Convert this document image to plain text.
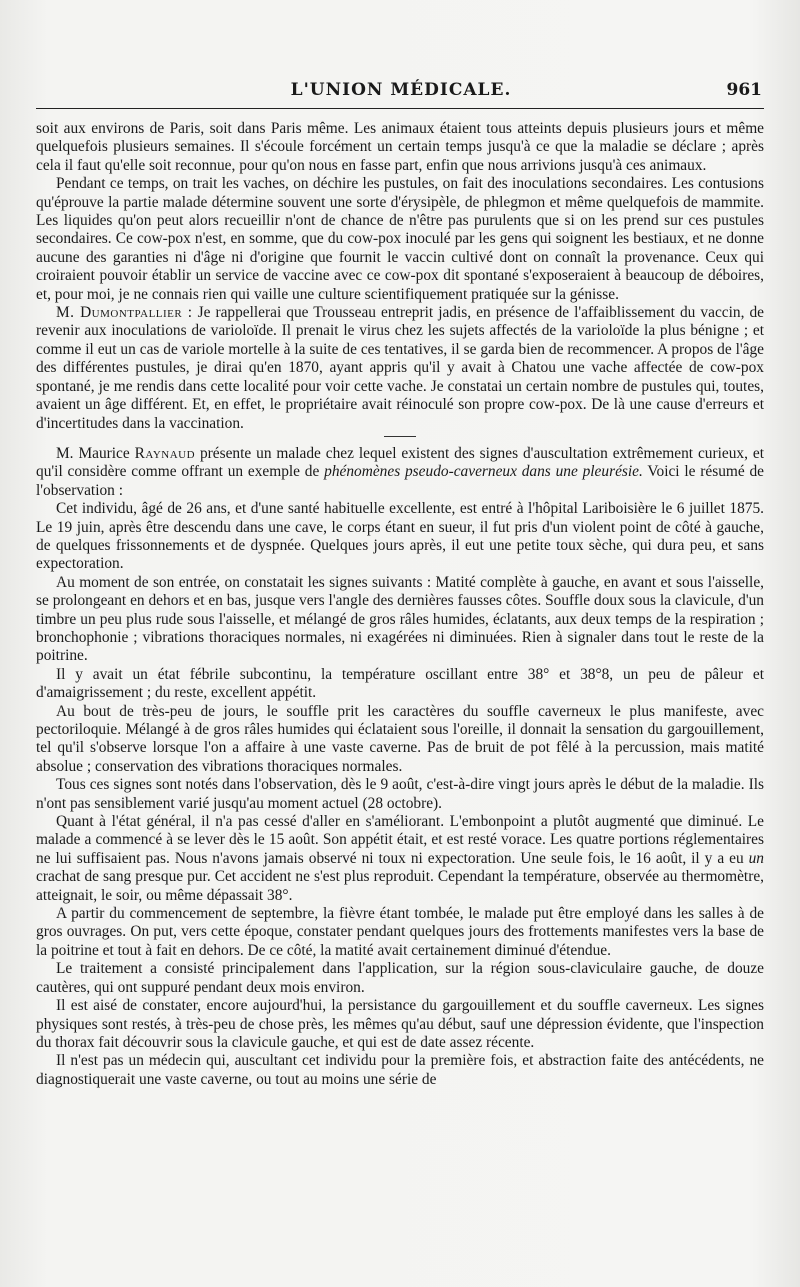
L'UNION MÉDICALE.	961

soit aux environs de Paris, soit dans Paris même. Les animaux étaient tous atteints depuis plusieurs jours et même quelquefois plusieurs semaines. Il s'écoule forcément un certain temps jusqu'à ce que la maladie se déclare ; après cela il faut qu'elle soit reconnue, pour qu'on nous en fasse part, enfin que nous arrivions jusqu'à ces animaux.

Pendant ce temps, on trait les vaches, on déchire les pustules, on fait des inoculations secondaires. Les contusions qu'éprouve la partie malade détermine souvent une sorte d'érysipèle, de phlegmon et même quelquefois de mammite. Les liquides qu'on peut alors recueillir n'ont de chance de n'être pas purulents que si on les prend sur ces pustules secondaires. Ce cow-pox n'est, en somme, que du cow-pox inoculé par les gens qui soignent les bestiaux, et ne donne aucune des garanties ni d'âge ni d'origine que fournit le vaccin cultivé dont on connaît la provenance. Ceux qui croiraient pouvoir établir un service de vaccine avec ce cow-pox dit spontané s'exposeraient à beaucoup de déboires, et, pour moi, je ne connais rien qui vaille une culture scientifiquement pratiquée sur la génisse.

M. Dumontpallier : Je rappellerai que Trousseau entreprit jadis, en présence de l'affaiblissement du vaccin, de revenir aux inoculations de varioloïde. Il prenait le virus chez les sujets affectés de la varioloïde la plus bénigne ; et comme il eut un cas de variole mortelle à la suite de ces tentatives, il se garda bien de recommencer. A propos de l'âge des différentes pustules, je dirai qu'en 1870, ayant appris qu'il y avait à Chatou une vache affectée de cow-pox spontané, je me rendis dans cette localité pour voir cette vache. Je constatai un certain nombre de pustules qui, toutes, avaient un âge différent. Et, en effet, le propriétaire avait réinoculé son propre cow-pox. De là une cause d'erreurs et d'incertitudes dans la vaccination.

M. Maurice Raynaud présente un malade chez lequel existent des signes d'auscultation extrêmement curieux, et qu'il considère comme offrant un exemple de phénomènes pseudo-caverneux dans une pleurésie. Voici le résumé de l'observation :

Cet individu, âgé de 26 ans, et d'une santé habituelle excellente, est entré à l'hôpital Lariboisière le 6 juillet 1875. Le 19 juin, après être descendu dans une cave, le corps étant en sueur, il fut pris d'un violent point de côté à gauche, de quelques frissonnements et de dyspnée. Quelques jours après, il eut une petite toux sèche, qui dura peu, et sans expectoration.

Au moment de son entrée, on constatait les signes suivants : Matité complète à gauche, en avant et sous l'aisselle, se prolongeant en dehors et en bas, jusque vers l'angle des dernières fausses côtes. Souffle doux sous la clavicule, d'un timbre un peu plus rude sous l'aisselle, et mélangé de gros râles humides, éclatants, aux deux temps de la respiration ; bronchophonie ; vibrations thoraciques normales, ni exagérées ni diminuées. Rien à signaler dans tout le reste de la poitrine.

Il y avait un état fébrile subcontinu, la température oscillant entre 38° et 38°8, un peu de pâleur et d'amaigrissement ; du reste, excellent appétit.

Au bout de très-peu de jours, le souffle prit les caractères du souffle caverneux le plus manifeste, avec pectoriloquie. Mélangé à de gros râles humides qui éclataient sous l'oreille, il donnait la sensation du gargouillement, tel qu'il s'observe lorsque l'on a affaire à une vaste caverne. Pas de bruit de pot fêlé à la percussion, mais matité absolue ; conservation des vibrations thoraciques normales.

Tous ces signes sont notés dans l'observation, dès le 9 août, c'est-à-dire vingt jours après le début de la maladie. Ils n'ont pas sensiblement varié jusqu'au moment actuel (28 octobre).

Quant à l'état général, il n'a pas cessé d'aller en s'améliorant. L'embonpoint a plutôt augmenté que diminué. Le malade a commencé à se lever dès le 15 août. Son appétit était, et est resté vorace. Les quatre portions réglementaires ne lui suffisaient pas. Nous n'avons jamais observé ni toux ni expectoration. Une seule fois, le 16 août, il y a eu un crachat de sang presque pur. Cet accident ne s'est plus reproduit. Cependant la température, observée au thermomètre, atteignait, le soir, ou même dépassait 38°.

A partir du commencement de septembre, la fièvre étant tombée, le malade put être employé dans les salles à de gros ouvrages. On put, vers cette époque, constater pendant quelques jours des frottements manifestes vers la base de la poitrine et tout à fait en dehors. De ce côté, la matité avait certainement diminué d'étendue.

Le traitement a consisté principalement dans l'application, sur la région sous-claviculaire gauche, de douze cautères, qui ont suppuré pendant deux mois environ.

Il est aisé de constater, encore aujourd'hui, la persistance du gargouillement et du souffle caverneux. Les signes physiques sont restés, à très-peu de chose près, les mêmes qu'au début, sauf une dépression évidente, que l'inspection du thorax fait découvrir sous la clavicule gauche, et qui est de date assez récente.

Il n'est pas un médecin qui, auscultant cet individu pour la première fois, et abstraction faite des antécédents, ne diagnostiquerait une vaste caverne, ou tout au moins une série de
